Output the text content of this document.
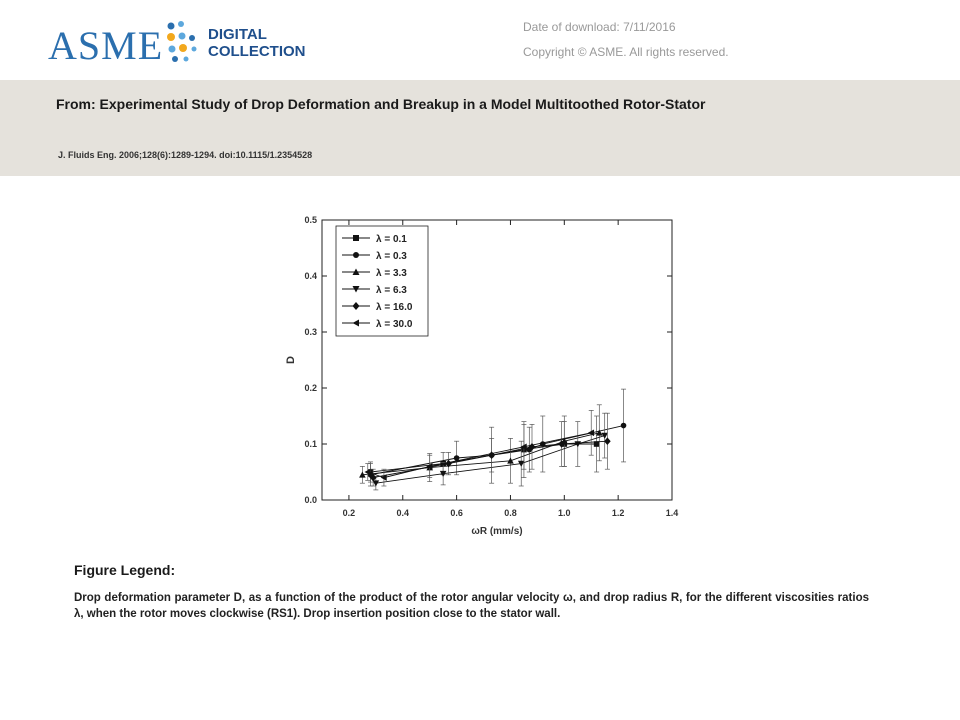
ASME	DIGITAL
COLLECTION
Date of download: 7/11/2016
Copyright © ASME. All rights reserved.
From: Experimental Study of Drop Deformation and Breakup in a Model Multitoothed Rotor-Stator
J. Fluids Eng. 2006;128(6):1289-1294. doi:10.1115/1.2354528
0.2	0.4	0.6	0.8	1.0	1.2	1.4
0.0
0.1
0.2
0.3
0.4
0.5
ωR (mm/s)
D
λ = 0.1
λ = 0.3
λ = 3.3
λ = 6.3
λ = 16.0
λ = 30.0
Figure Legend:
Drop deformation parameter D, as a function of the product of the rotor angular velocity ω, and drop radius R, for the different viscosities ratios λ, when the rotor moves clockwise (RS1). Drop insertion position close to the stator wall.
